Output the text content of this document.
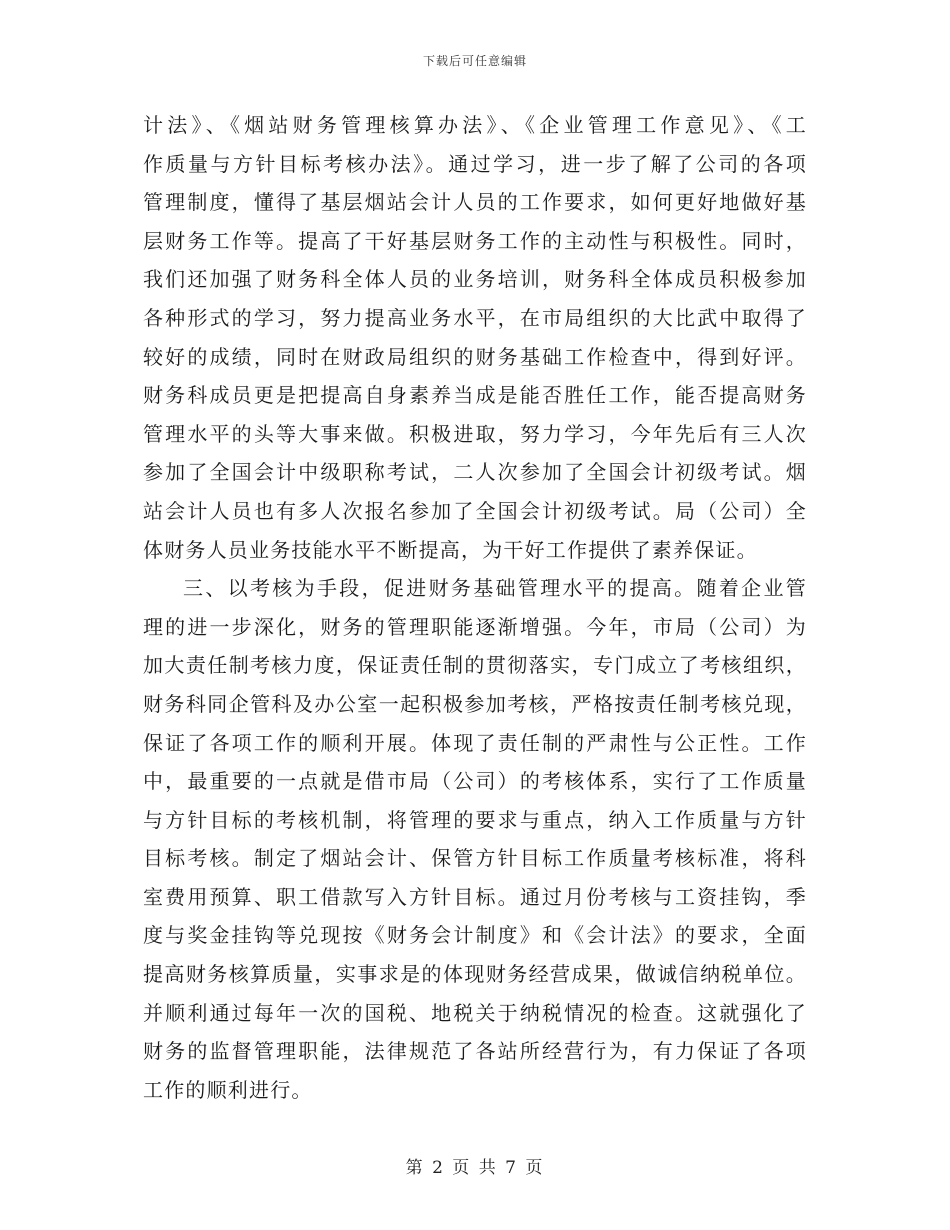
下载后可任意编辑
计法》、《烟站财务管理核算办法》、《企业管理工作意见》、《工
作质量与方针目标考核办法》。通过学习，进一步了解了公司的各项
管理制度，懂得了基层烟站会计人员的工作要求，如何更好地做好基
层财务工作等。提高了干好基层财务工作的主动性与积极性。同时，
我们还加强了财务科全体人员的业务培训，财务科全体成员积极参加
各种形式的学习，努力提高业务水平，在市局组织的大比武中取得了
较好的成绩，同时在财政局组织的财务基础工作检查中，得到好评。
财务科成员更是把提高自身素养当成是能否胜任工作，能否提高财务
管理水平的头等大事来做。积极进取，努力学习，今年先后有三人次
参加了全国会计中级职称考试，二人次参加了全国会计初级考试。烟
站会计人员也有多人次报名参加了全国会计初级考试。局（公司）全
体财务人员业务技能水平不断提高，为干好工作提供了素养保证。
三、以考核为手段，促进财务基础管理水平的提高。随着企业管
理的进一步深化，财务的管理职能逐渐增强。今年，市局（公司）为
加大责任制考核力度，保证责任制的贯彻落实，专门成立了考核组织，
财务科同企管科及办公室一起积极参加考核，严格按责任制考核兑现，
保证了各项工作的顺利开展。体现了责任制的严肃性与公正性。工作
中，最重要的一点就是借市局（公司）的考核体系，实行了工作质量
与方针目标的考核机制，将管理的要求与重点，纳入工作质量与方针
目标考核。制定了烟站会计、保管方针目标工作质量考核标准，将科
室费用预算、职工借款写入方针目标。通过月份考核与工资挂钩，季
度与奖金挂钩等兑现按《财务会计制度》和《会计法》的要求，全面
提高财务核算质量，实事求是的体现财务经营成果，做诚信纳税单位。
并顺利通过每年一次的国税、地税关于纳税情况的检查。这就强化了
财务的监督管理职能，法律规范了各站所经营行为，有力保证了各项
工作的顺利进行。
第 2 页 共 7 页
